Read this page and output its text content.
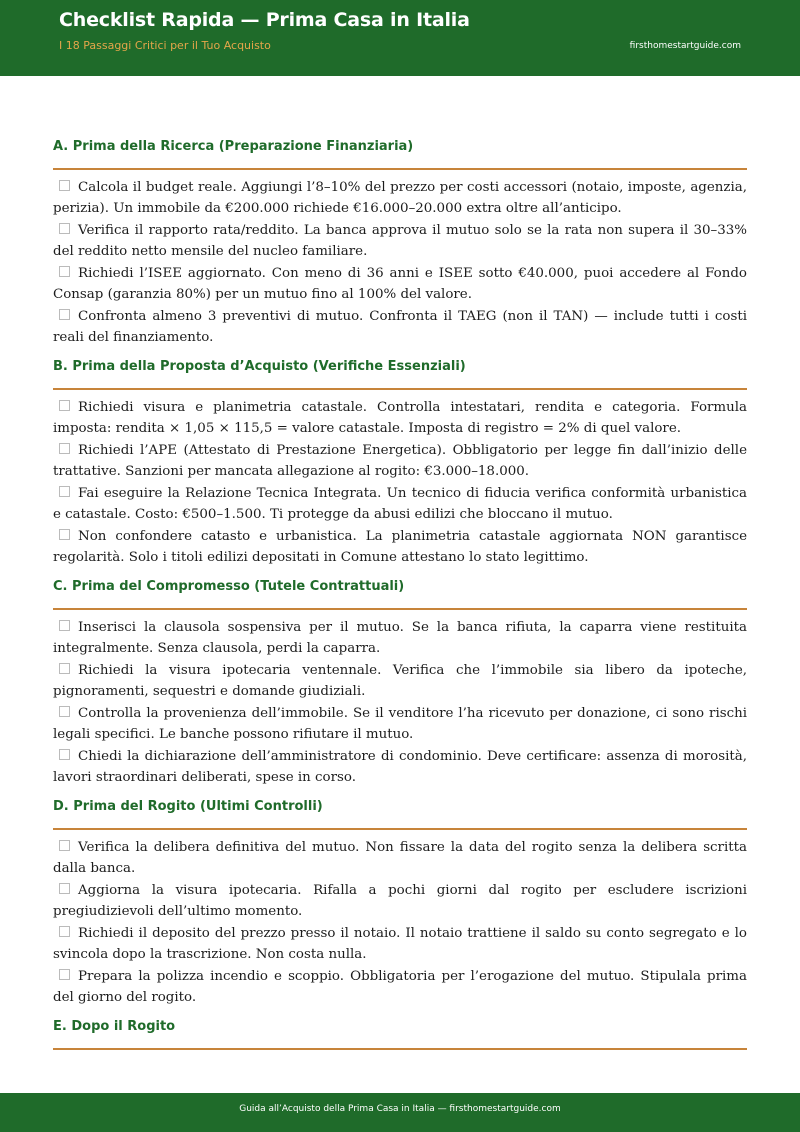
Checklist Rapida — Prima Casa in Italia
I 18 Passaggi Critici per il Tuo Acquisto	firsthomestartguide.com
A. Prima della Ricerca (Preparazione Finanziaria)
Calcola il budget reale. Aggiungi l’8–10% del prezzo per costi accessori (notaio, imposte, agenzia, perizia). Un immobile da €200.000 richiede €16.000–20.000 extra oltre all’anticipo.
Verifica il rapporto rata/reddito. La banca approva il mutuo solo se la rata non supera il 30–33% del reddito netto mensile del nucleo familiare.
Richiedi l’ISEE aggiornato. Con meno di 36 anni e ISEE sotto €40.000, puoi accedere al Fondo Consap (garanzia 80%) per un mutuo fino al 100% del valore.
Confronta almeno 3 preventivi di mutuo. Confronta il TAEG (non il TAN) — include tutti i costi reali del finanziamento.
B. Prima della Proposta d’Acquisto (Verifiche Essenziali)
Richiedi visura e planimetria catastale. Controlla intestatari, rendita e categoria. Formula imposta: rendita × 1,05 × 115,5 = valore catastale. Imposta di registro = 2% di quel valore.
Richiedi l’APE (Attestato di Prestazione Energetica). Obbligatorio per legge fin dall’inizio delle trattative. Sanzioni per mancata allegazione al rogito: €3.000–18.000.
Fai eseguire la Relazione Tecnica Integrata. Un tecnico di fiducia verifica conformità urbanistica e catastale. Costo: €500–1.500. Ti protegge da abusi edilizi che bloccano il mutuo.
Non confondere catasto e urbanistica. La planimetria catastale aggiornata NON garantisce regolarità. Solo i titoli edilizi depositati in Comune attestano lo stato legittimo.
C. Prima del Compromesso (Tutele Contrattuali)
Inserisci la clausola sospensiva per il mutuo. Se la banca rifiuta, la caparra viene restituita integralmente. Senza clausola, perdi la caparra.
Richiedi la visura ipotecaria ventennale. Verifica che l’immobile sia libero da ipoteche, pignoramenti, sequestri e domande giudiziali.
Controlla la provenienza dell’immobile. Se il venditore l’ha ricevuto per donazione, ci sono rischi legali specifici. Le banche possono rifiutare il mutuo.
Chiedi la dichiarazione dell’amministratore di condominio. Deve certificare: assenza di morosità, lavori straordinari deliberati, spese in corso.
D. Prima del Rogito (Ultimi Controlli)
Verifica la delibera definitiva del mutuo. Non fissare la data del rogito senza la delibera scritta dalla banca.
Aggiorna la visura ipotecaria. Rifalla a pochi giorni dal rogito per escludere iscrizioni pregiudizievoli dell’ultimo momento.
Richiedi il deposito del prezzo presso il notaio. Il notaio trattiene il saldo su conto segregato e lo svincola dopo la trascrizione. Non costa nulla.
Prepara la polizza incendio e scoppio. Obbligatoria per l’erogazione del mutuo. Stipulala prima del giorno del rogito.
E. Dopo il Rogito
Guida all’Acquisto della Prima Casa in Italia — firsthomestartguide.com
